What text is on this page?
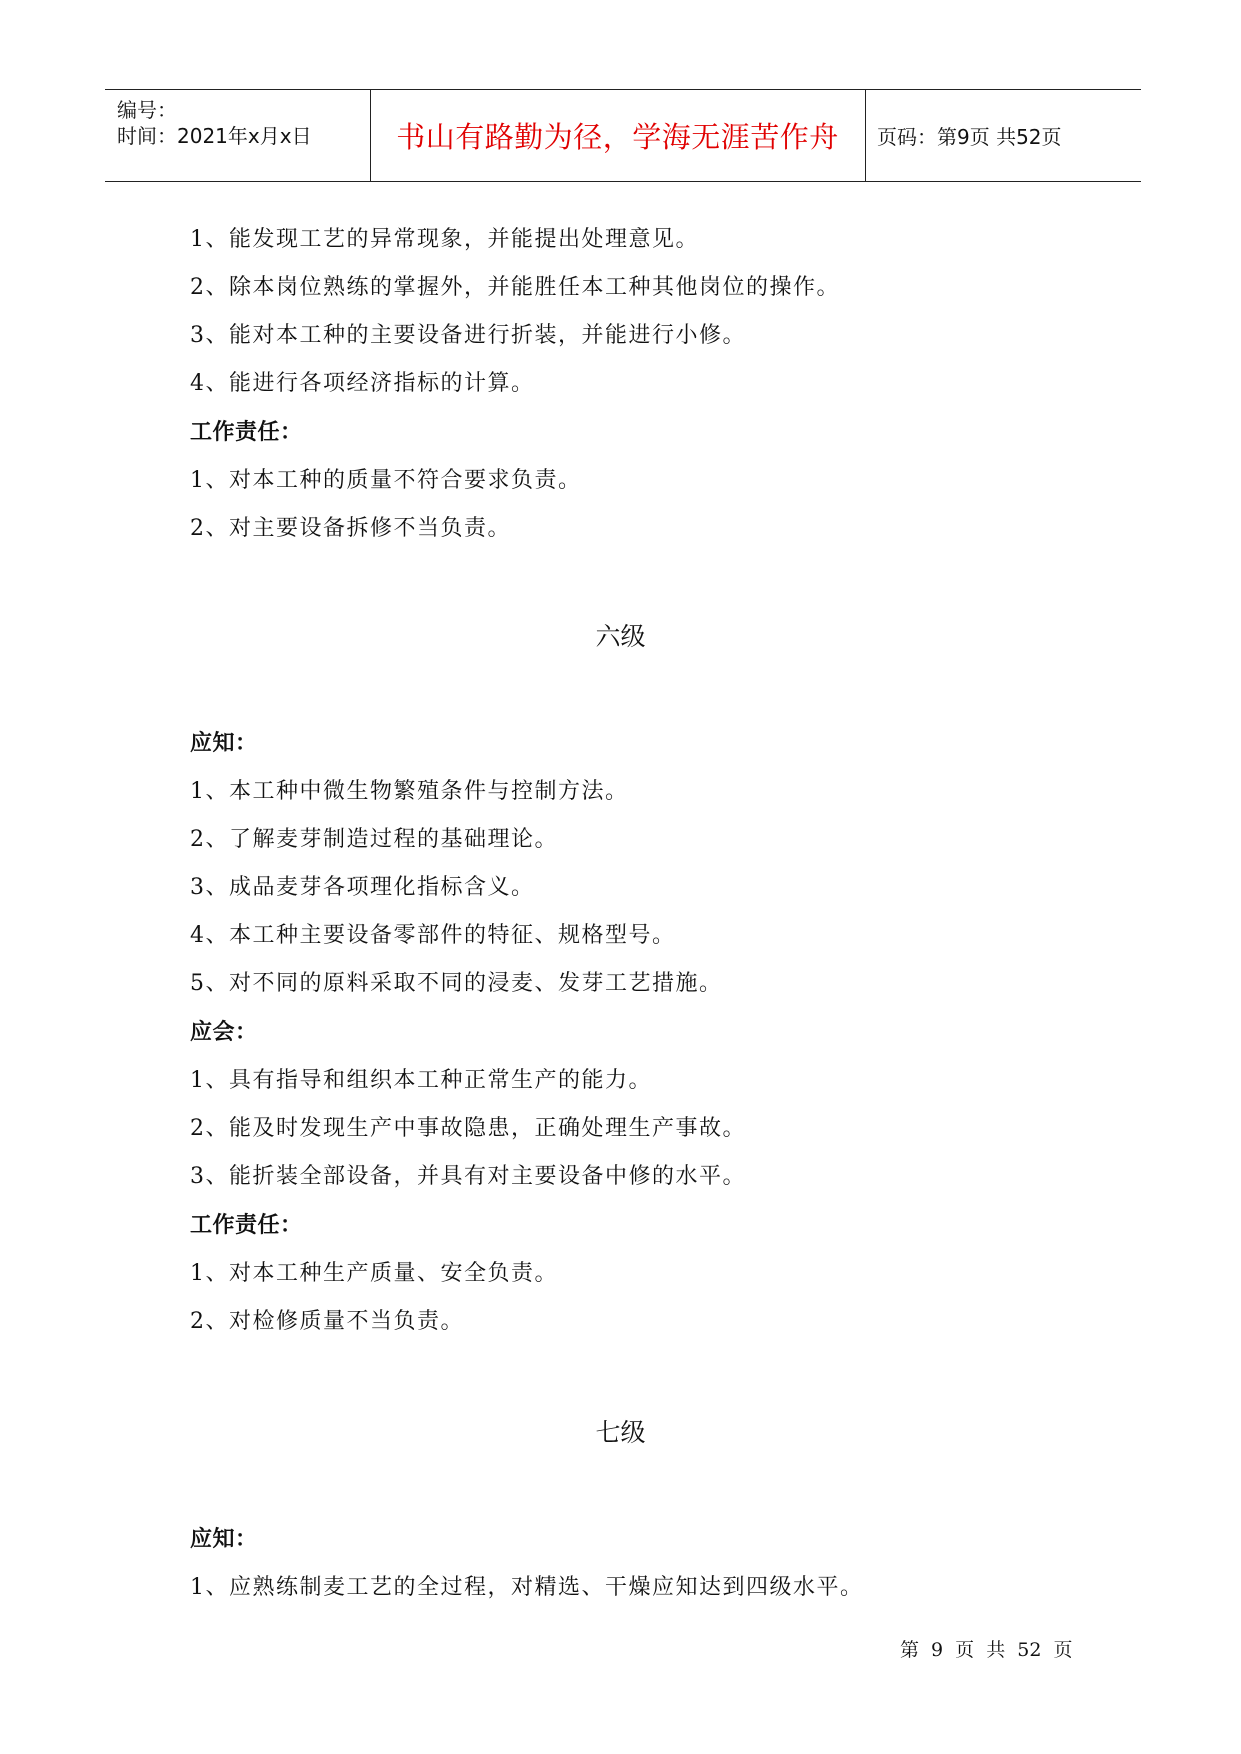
编号：
时间：2021年x月x日	书山有路勤为径，学海无涯苦作舟 页码：第9页 共52页
1、能发现工艺的异常现象，并能提出处理意见。
2、除本岗位熟练的掌握外，并能胜任本工种其他岗位的操作。
3、能对本工种的主要设备进行折装，并能进行小修。
4、能进行各项经济指标的计算。
工作责任：
1、对本工种的质量不符合要求负责。
2、对主要设备拆修不当负责。
六级
应知：
1、本工种中微生物繁殖条件与控制方法。
2、了解麦芽制造过程的基础理论。
3、成品麦芽各项理化指标含义。
4、本工种主要设备零部件的特征、规格型号。
5、对不同的原料采取不同的浸麦、发芽工艺措施。
应会：
1、具有指导和组织本工种正常生产的能力。
2、能及时发现生产中事故隐患，正确处理生产事故。
3、能折装全部设备，并具有对主要设备中修的水平。
工作责任：
1、对本工种生产质量、安全负责。
2、对检修质量不当负责。
七级
应知：
1、应熟练制麦工艺的全过程，对精选、干燥应知达到四级水平。
第 9 页 共 52 页
